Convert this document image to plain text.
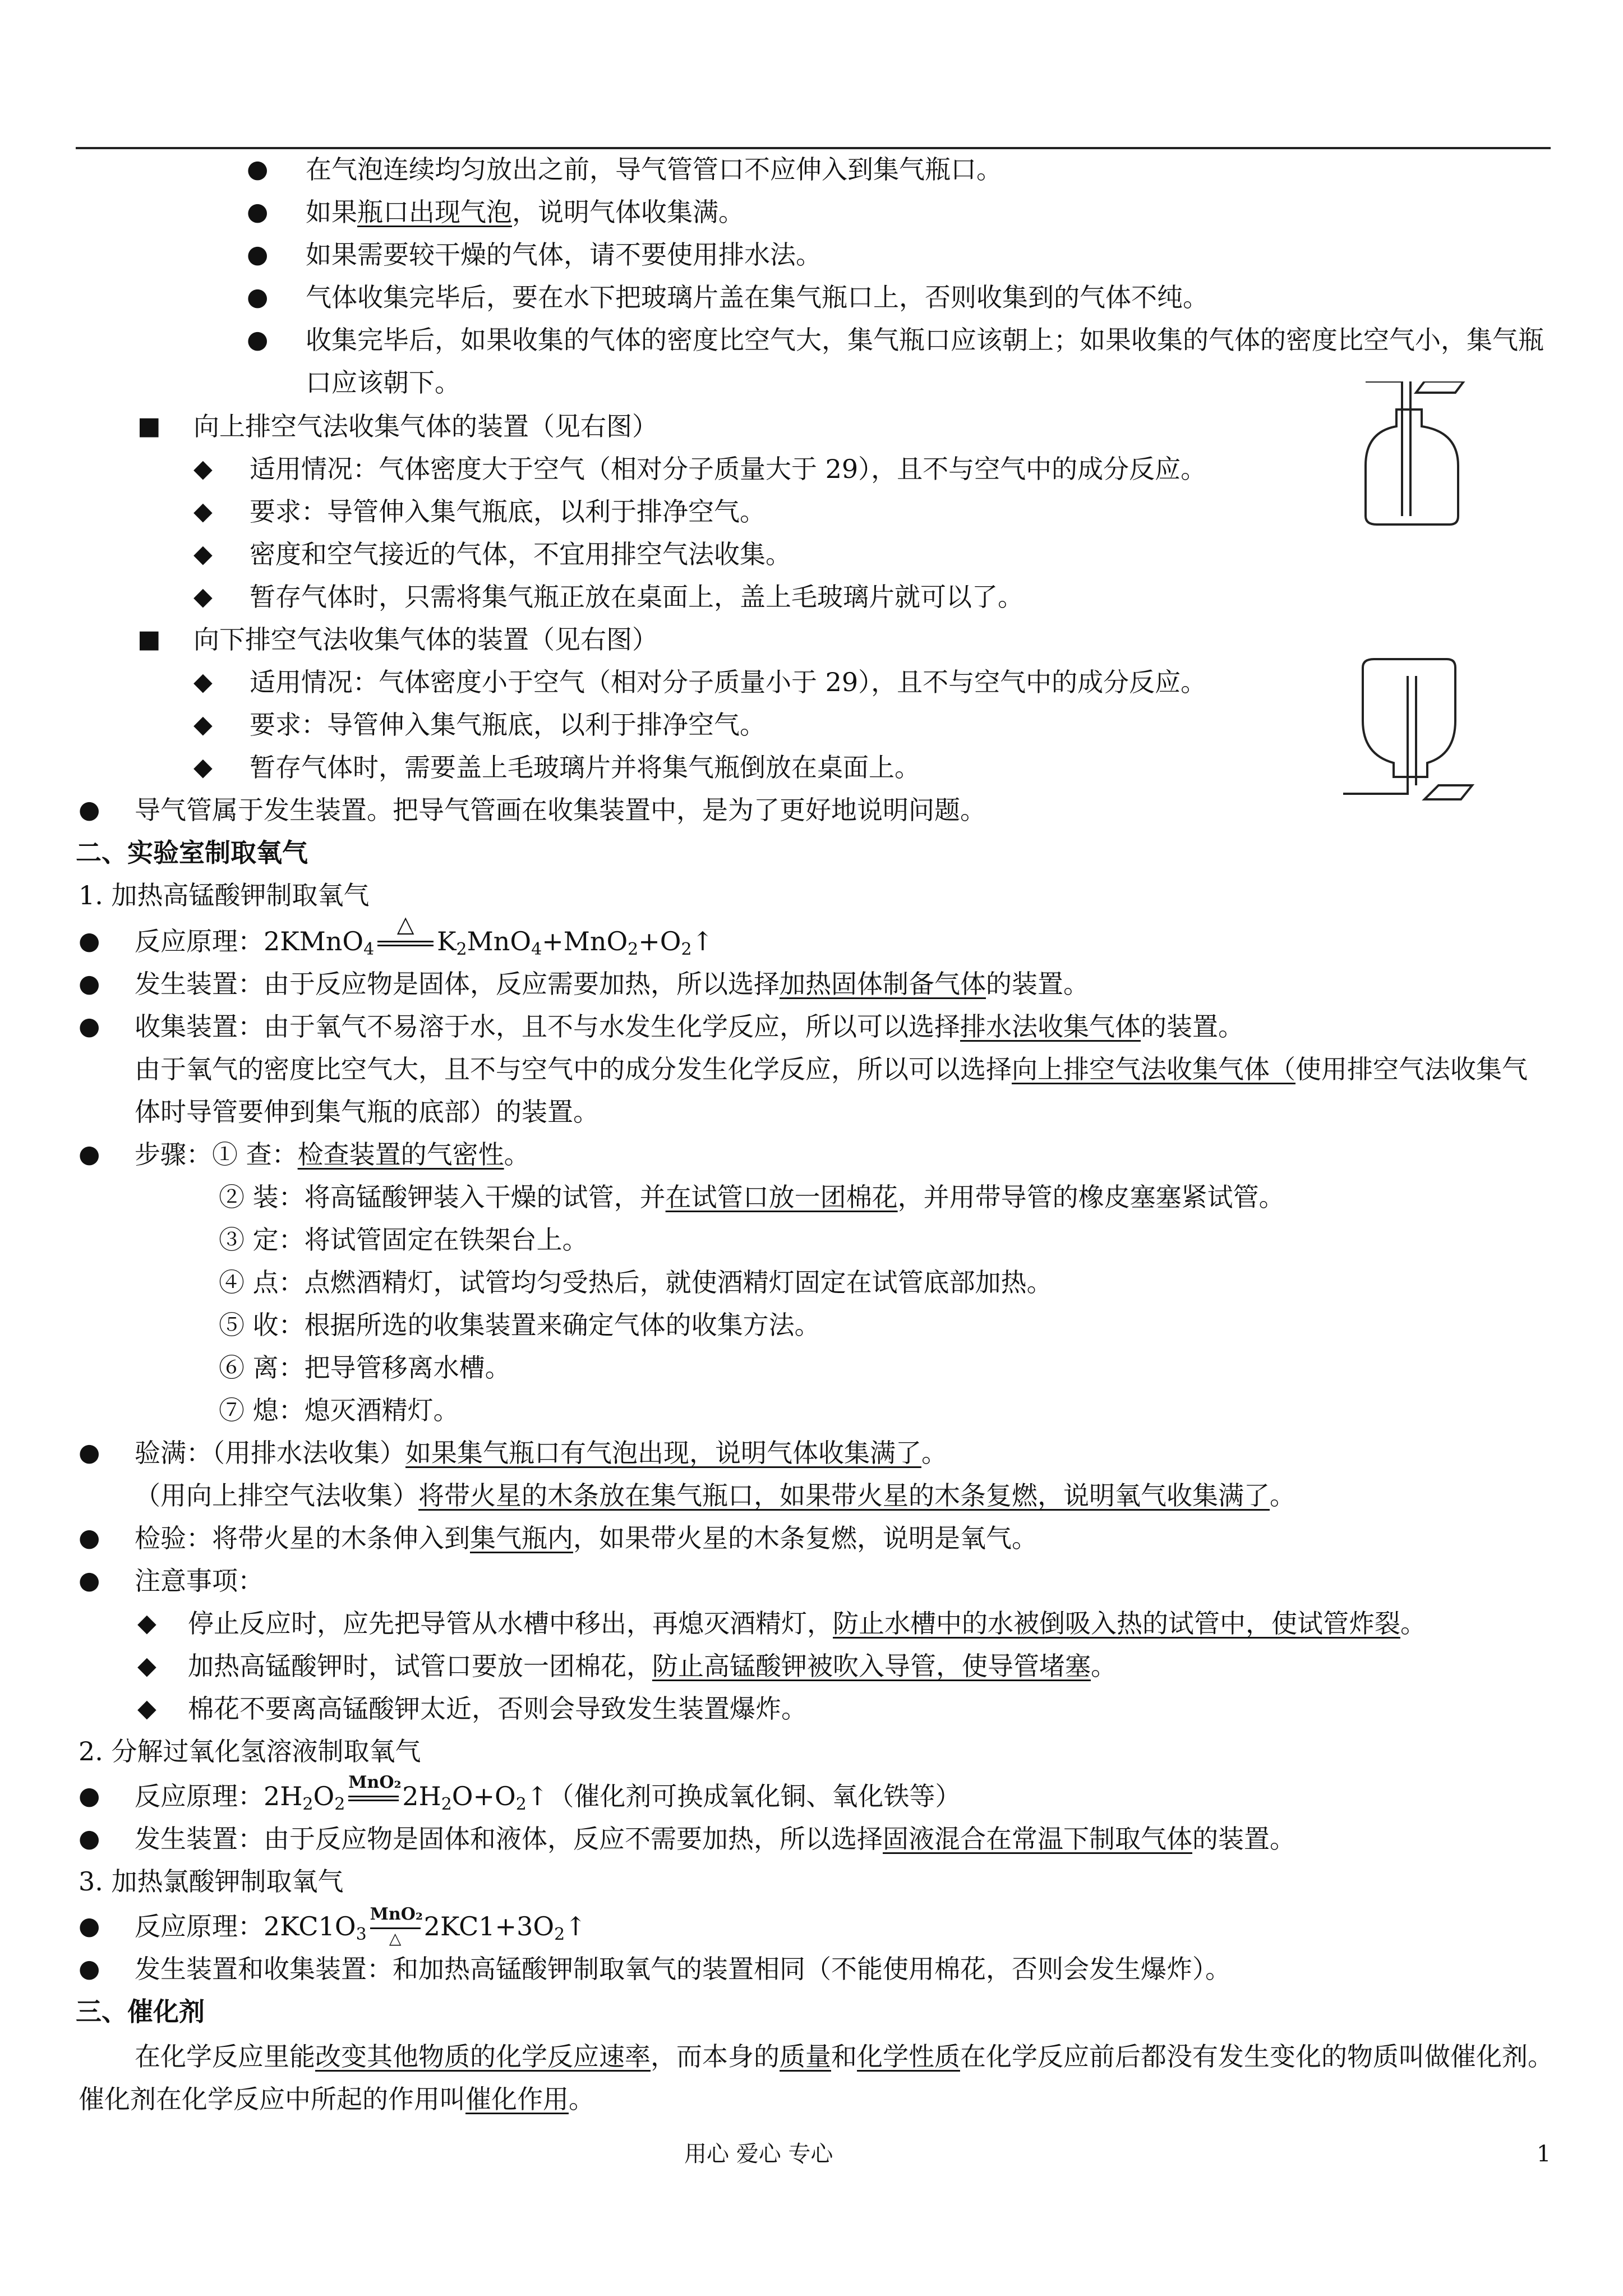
● 在气泡连续均匀放出之前，导气管管口不应伸入到集气瓶口。
● 如果瓶口出现气泡，说明气体收集满。
● 如果需要较干燥的气体，请不要使用排水法。
● 气体收集完毕后，要在水下把玻璃片盖在集气瓶口上，否则收集到的气体不纯。
● 收集完毕后，如果收集的气体的密度比空气大，集气瓶口应该朝上；如果收集的气体的密度比空气小，集气瓶口应该朝下。
■ 向上排空气法收集气体的装置（见右图）
◆ 适用情况：气体密度大于空气（相对分子质量大于 29），且不与空气中的成分反应。
◆ 要求：导管伸入集气瓶底，以利于排净空气。
◆ 密度和空气接近的气体，不宜用排空气法收集。
◆ 暂存气体时，只需将集气瓶正放在桌面上，盖上毛玻璃片就可以了。
■ 向下排空气法收集气体的装置（见右图）
◆ 适用情况：气体密度小于空气（相对分子质量小于 29），且不与空气中的成分反应。
◆ 要求：导管伸入集气瓶底，以利于排净空气。
◆ 暂存气体时，需要盖上毛玻璃片并将集气瓶倒放在桌面上。
● 导气管属于发生装置。把导气管画在收集装置中，是为了更好地说明问题。
二、实验室制取氧气
1. 加热高锰酸钾制取氧气
● 反应原理：2KMnO$_4$
△
$K_2MnO_4+MnO_2+O_2↑$
● 发生装置：由于反应物是固体，反应需要加热，所以选择加热固体制备气体的装置。
● 收集装置：由于氧气不易溶于水，且不与水发生化学反应，所以可以选择排水法收集气体的装置。
由于氧气的密度比空气大，且不与空气中的成分发生化学反应，所以可以选择向上排空气法收集气体（使用排空气法收集气体时导管要伸到集气瓶的底部）的装置。
● 步骤：① 查：检查装置的气密性。
② 装：将高锰酸钾装入干燥的试管，并在试管口放一团棉花，并用带导管的橡皮塞塞紧试管。
③ 定：将试管固定在铁架台上。
④ 点：点燃酒精灯，试管均匀受热后，就使酒精灯固定在试管底部加热。
⑤ 收：根据所选的收集装置来确定气体的收集方法。
⑥ 离：把导管移离水槽。
⑦ 熄：熄灭酒精灯。
● 验满：（用排水法收集）如果集气瓶口有气泡出现，说明气体收集满了。
（用向上排空气法收集）将带火星的木条放在集气瓶口，如果带火星的木条复燃，说明氧气收集满了。
● 检验：将带火星的木条伸入到集气瓶内，如果带火星的木条复燃，说明是氧气。
● 注意事项：
◆ 停止反应时，应先把导管从水槽中移出，再熄灭酒精灯，防止水槽中的水被倒吸入热的试管中，使试管炸裂。
◆ 加热高锰酸钾时，试管口要放一团棉花，防止高锰酸钾被吹入导管，使导管堵塞。
◆ 棉花不要离高锰酸钾太近，否则会导致发生装置爆炸。
2. 分解过氧化氢溶液制取氧气
● 反应原理：$2H_2O_2$
MnO₂ $2H_2O+O_2↑$（催化剂可换成氧化铜、氧化铁等）
● 发生装置：由于反应物是固体和液体，反应不需要加热，所以选择固液混合在常温下制取气体的装置。
3. 加热氯酸钾制取氧气
● 反应原理：$2KC1O_3$
MnO₂
△ $2KC1+3O_2↑$
● 发生装置和收集装置：和加热高锰酸钾制取氧气的装置相同（不能使用棉花，否则会发生爆炸）。
三、催化剂
在化学反应里能改变其他物质的化学反应速率，而本身的质量和化学性质在化学反应前后都没有发生变化的物质叫做催化剂。催化剂在化学反应中所起的作用叫催化作用。
用心 爱心 专心	1
